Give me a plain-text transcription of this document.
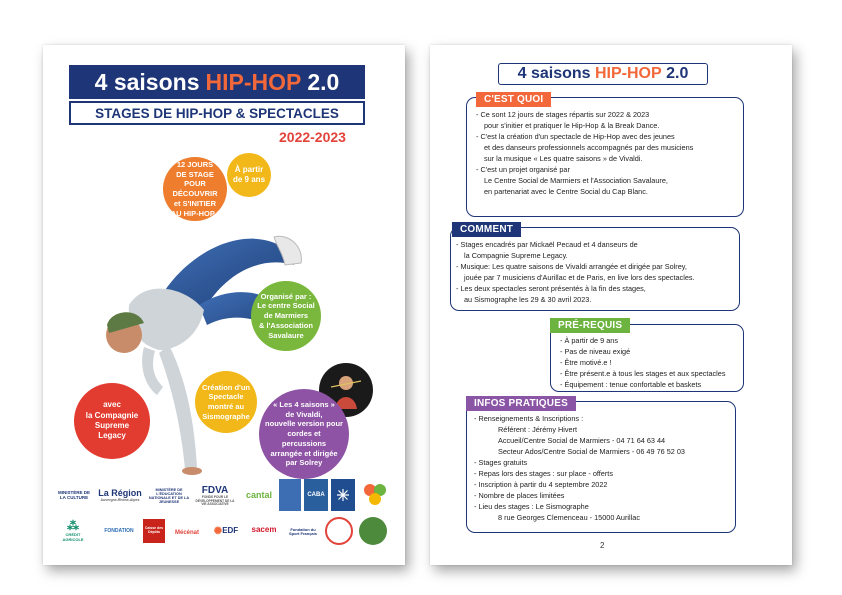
4 saisons HIP-HOP 2.0
STAGES DE HIP-HOP & SPECTACLES
2022-2023
12 JOURS
DE STAGE
POUR
DÉCOUVRIR
et S'INITIER
AU HIP-HOP !
À partir
de 9 ans
Organisé par :
Le centre Social
de Marmiers
& l'Association
Savalaure
avec
la Compagnie
Supreme Legacy
Création d'un
Spectacle
montré au
Sismographe
« Les 4 saisons »
de Vivaldi,
nouvelle version pour
cordes et percussions
arrangée et dirigée
par Solrey
MINISTÈRE DE LA CULTURE	La Région
Auvergne-Rhône-Alpes
MINISTÈRE DE L'ÉDUCATION NATIONALE ET DE LA JEUNESSE
FDVA
FONDS POUR LE DÉVELOPPEMENT DE LA VIE ASSOCIATIVE
cantal	CABA
⁂
CRÉDIT AGRICOLE
FONDATION
Caisse des Dépôts	Mécénat	✺ EDF	sacem	Fondation du Sport Français
4 saisons
HIP-HOP
2.0
C'EST QUOI
- Ce sont 12 jours de stages répartis sur 2022 & 2023
pour s'initier et pratiquer le Hip-Hop & la Break Dance.
- C'est la création d'un spectacle de Hip-Hop avec des jeunes
et des danseurs professionnels accompagnés par des musiciens
sur la musique « Les quatre saisons » de Vivaldi.
- C'est un projet organisé par
Le Centre Social de Marmiers et l'Association Savalaure,
en partenariat avec le Centre Social du Cap Blanc.
COMMENT
- Stages encadrés par Mickaël Pecaud et 4 danseurs de
la Compagnie Supreme Legacy.
- Musique: Les quatre saisons de Vivaldi arrangée et dirigée par Solrey,
jouée par 7 musiciens d'Aurillac et de Paris, en live lors des spectacles.
- Les deux spectacles seront présentés à la fin des stages,
au Sismographe les 29 & 30 avril 2023.
PRÉ-REQUIS
- À partir de 9 ans
- Pas de niveau exigé
- Être motivé.e !
- Être présent.e à tous les stages et aux spectacles
- Équipement : tenue confortable et baskets
INFOS PRATIQUES
- Renseignements & Inscriptions :
Référent : Jérémy Hivert
Accueil/Centre Social de Marmiers - 04 71 64 63 44
Secteur Ados/Centre Social de Marmiers - 06 49 76 52 03
- Stages gratuits
- Repas lors des stages : sur place - offerts
- Inscription à partir du 4 septembre 2022
- Nombre de places limitées
- Lieu des stages : Le Sismographe
8 rue Georges Clemenceau - 15000 Aurillac
2
